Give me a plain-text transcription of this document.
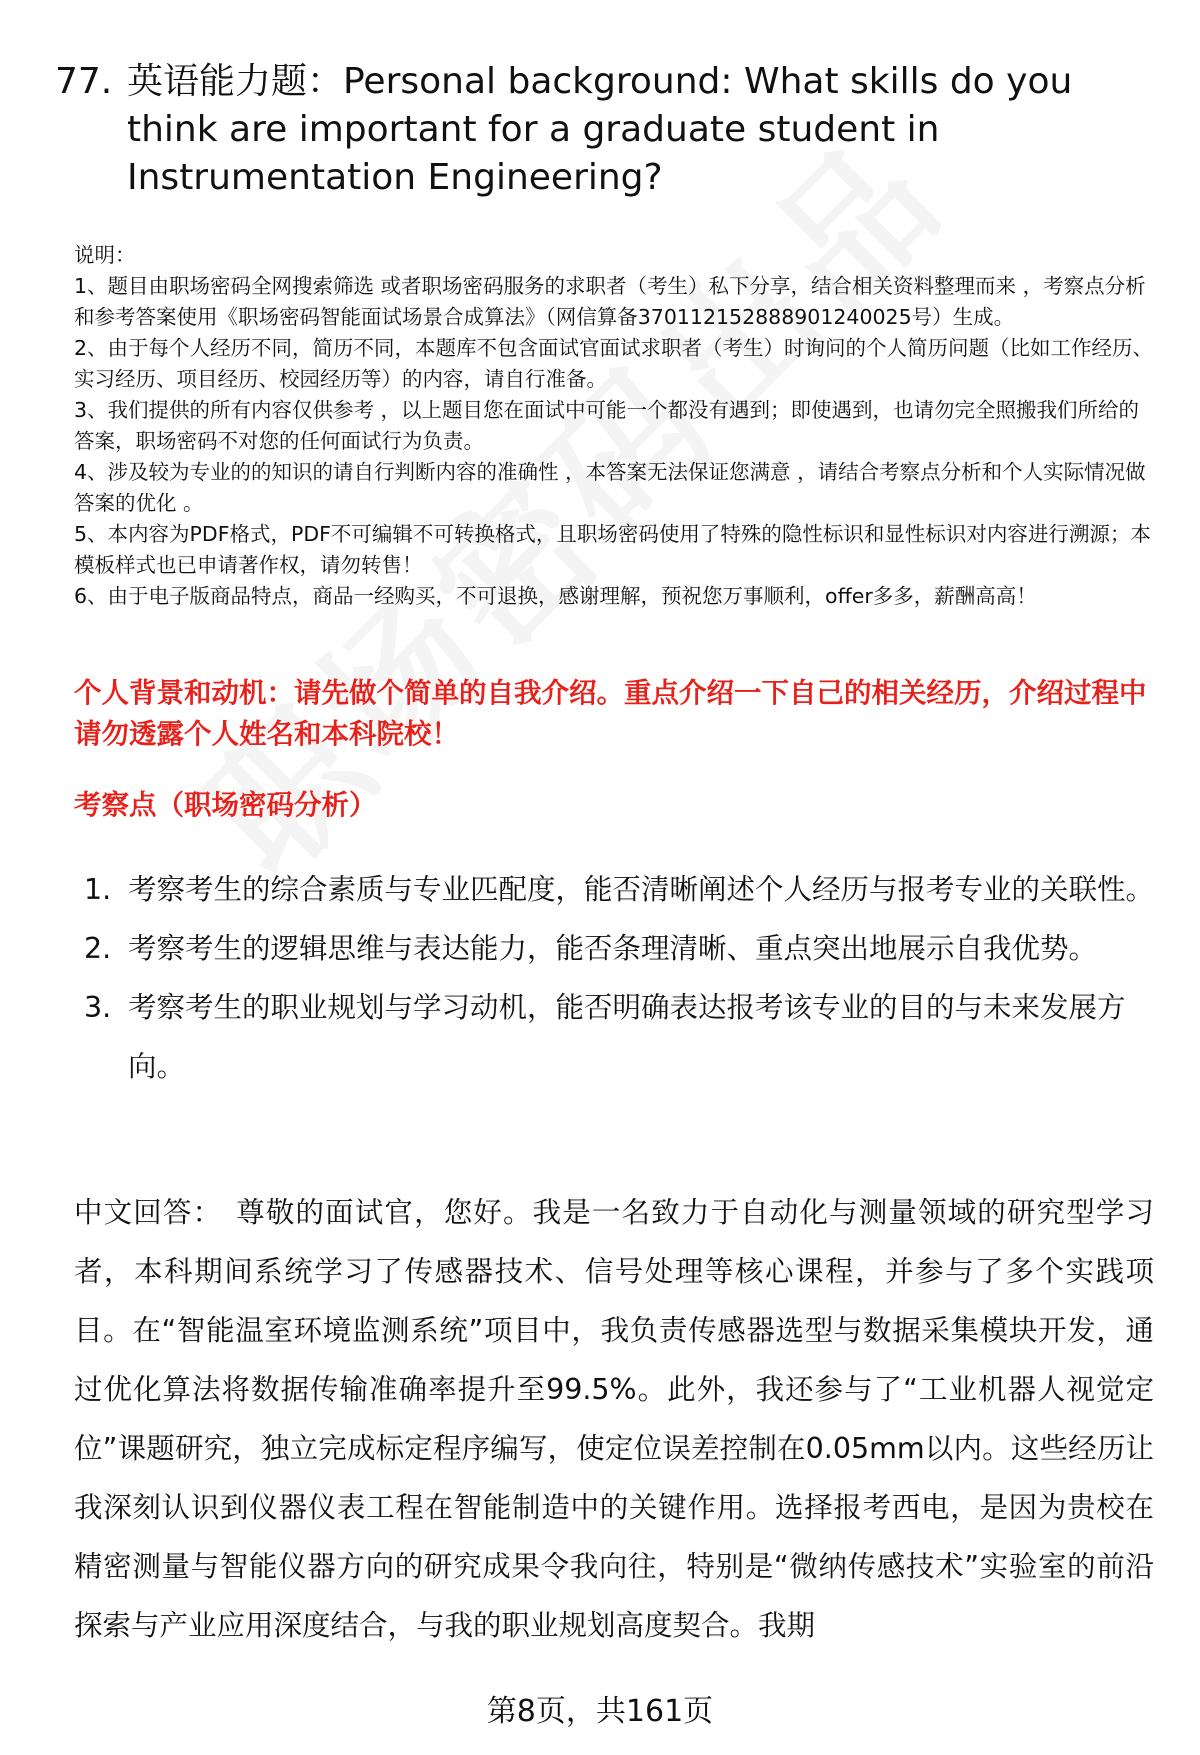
77. 英语能力题：Personal background: What skills do you think are important for a graduate student in Instrumentation Engineering?

说明：

1、题目由职场密码全网搜索筛选 或者职场密码服务的求职者（考生）私下分享，结合相关资料整理而来 ，考察点分析和参考答案使用《职场密码智能面试场景合成算法》（网信算备370112152888901240025号）生成。

2、由于每个人经历不同，简历不同，本题库不包含面试官面试求职者（考生）时询问的个人简历问题（比如工作经历、实习经历、项目经历、校园经历等）的内容，请自行准备。

3、我们提供的所有内容仅供参考 ，以上题目您在面试中可能一个都没有遇到；即使遇到，也请勿完全照搬我们所给的答案，职场密码不对您的任何面试行为负责。

4、涉及较为专业的的知识的请自行判断内容的准确性 ，本答案无法保证您满意 ，请结合考察点分析和个人实际情况做答案的优化 。

5、本内容为PDF格式，PDF不可编辑不可转换格式，且职场密码使用了特殊的隐性标识和显性标识对内容进行溯源；本模板样式也已申请著作权，请勿转售！

6、由于电子版商品特点，商品一经购买，不可退换，感谢理解，预祝您万事顺利，offer多多，薪酬高高！

个人背景和动机：请先做个简单的自我介绍。重点介绍一下自己的相关经历，介绍过程中请勿透露个人姓名和本科院校！
考察点（职场密码分析）
1. 考察考生的综合素质与专业匹配度，能否清晰阐述个人经历与报考专业的关联性。
2. 考察考生的逻辑思维与表达能力，能否条理清晰、重点突出地展示自我优势。
3. 考察考生的职业规划与学习动机，能否明确表达报考该专业的目的与未来发展方向。
中文回答： 尊敬的面试官，您好。我是一名致力于自动化与测量领域的研究型学习者，本科期间系统学习了传感器技术、信号处理等核心课程，并参与了多个实践项目。在“智能温室环境监测系统”项目中，我负责传感器选型与数据采集模块开发，通过优化算法将数据传输准确率提升至99.5%。此外，我还参与了“工业机器人视觉定位”课题研究，独立完成标定程序编写，使定位误差控制在0.05mm以内。这些经历让我深刻认识到仪器仪表工程在智能制造中的关键作用。选择报考西电，是因为贵校在精密测量与智能仪器方向的研究成果令我向往，特别是“微纳传感技术”实验室的前沿探索与产业应用深度结合，与我的职业规划高度契合。我期
第8页，共161页
